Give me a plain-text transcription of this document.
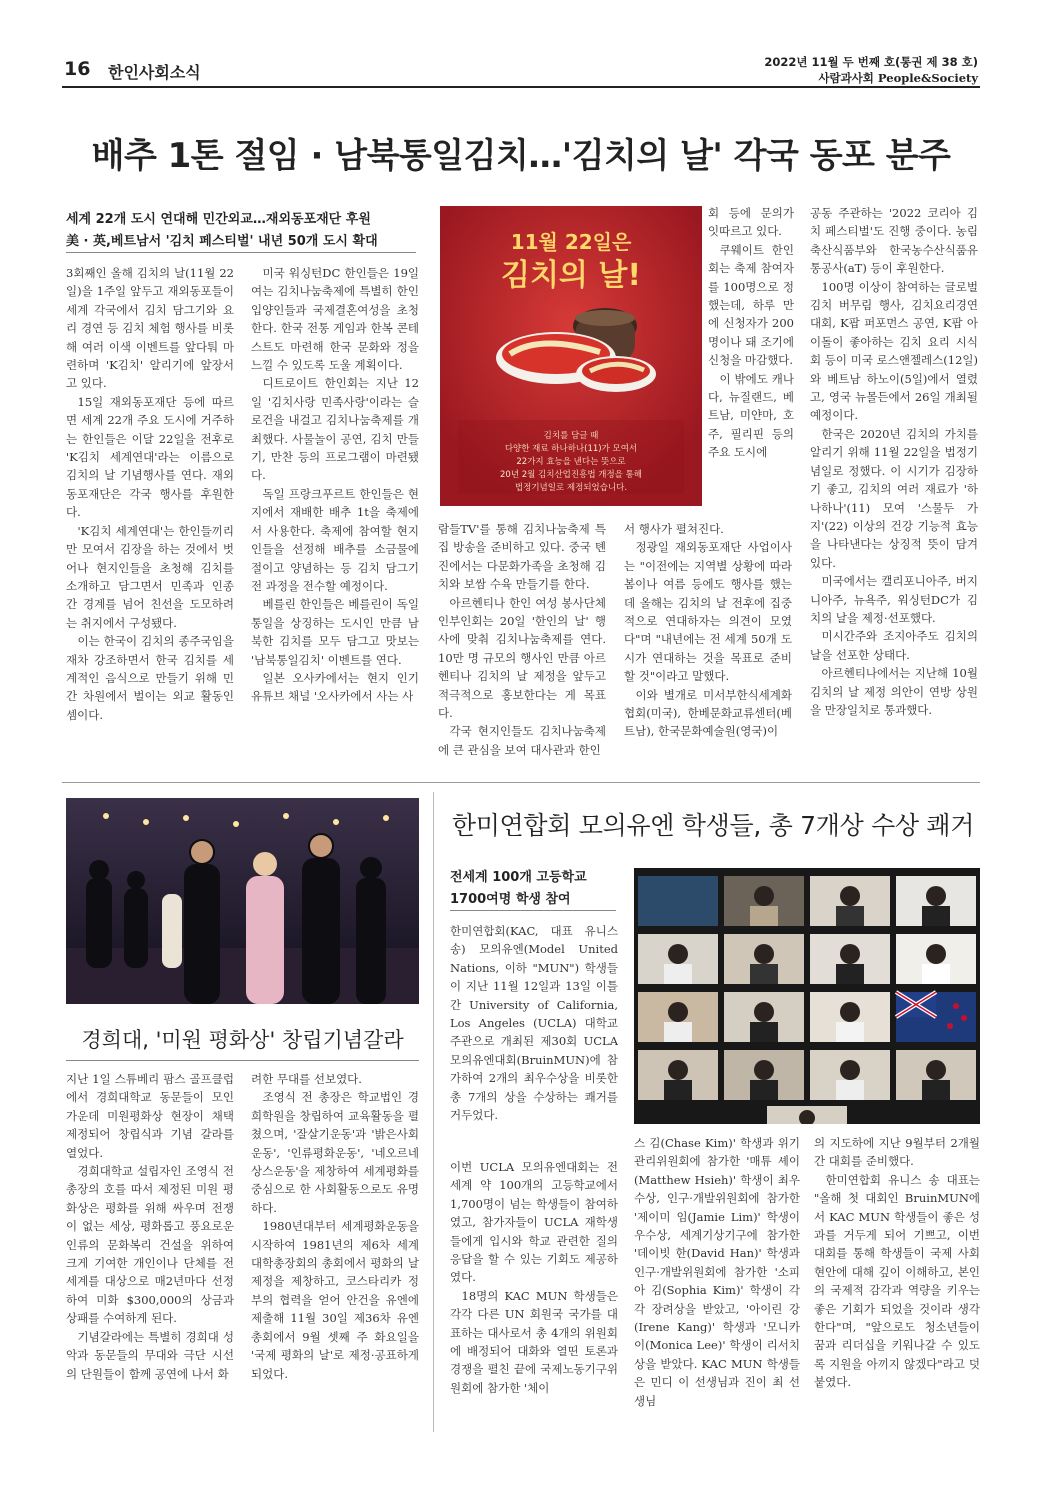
16 한인사회소식
2022년 11월 두 번째 호(통권 제 38 호)
사람과사회 People&Society
배추 1톤 절임 · 남북통일김치…'김치의 날' 각국 동포 분주
세계 22개 도시 연대해 민간외교…재외동포재단 후원
美 · 英,베트남서 '김치 페스티벌' 내년 50개 도시 확대

3회째인 올해 김치의 날(11월 22일)을 1주일 앞두고 재외동포들이 세계 각국에서 김치 담그기와 요리 경연 등 김치 체험 행사를 비롯해 여러 이색 이벤트를 앞다퉈 마련하며 'K김치' 알리기에 앞장서고 있다.

15일 재외동포재단 등에 따르면 세계 22개 주요 도시에 거주하는 한인들은 이달 22일을 전후로 'K김치 세계연대'라는 이름으로 김치의 날 기념행사를 연다. 재외동포재단은 각국 행사를 후원한다.

'K김치 세계연대'는 한인들끼리만 모여서 김장을 하는 것에서 벗어나 현지인들을 초청해 김치를 소개하고 담그면서 민족과 인종 간 경계를 넘어 친선을 도모하려는 취지에서 구성됐다.

이는 한국이 김치의 종주국임을 재차 강조하면서 한국 김치를 세계적인 음식으로 만들기 위해 민간 차원에서 벌이는 외교 활동인 셈이다.

미국 워싱턴DC 한인들은 19일 여는 김치나눔축제에 특별히 한인 입양인들과 국제결혼여성을 초청한다. 한국 전통 게임과 한복 콘테스트도 마련해 한국 문화와 정을 느낄 수 있도록 도울 계획이다.

디트로이트 한인회는 지난 12일 '김치사랑 민족사랑'이라는 슬로건을 내걸고 김치나눔축제를 개최했다. 사물놀이 공연, 김치 만들기, 만찬 등의 프로그램이 마련됐다.

독일 프랑크푸르트 한인들은 현지에서 재배한 배추 1t을 축제에서 사용한다. 축제에 참여할 현지인들을 선정해 배추를 소금물에 절이고 양념하는 등 김치 담그기 전 과정을 전수할 예정이다.

베를린 한인들은 베를린이 독일 통일을 상징하는 도시인 만큼 남북한 김치를 모두 담그고 맛보는 '남북통일김치' 이벤트를 연다.

일본 오사카에서는 현지 인기 유튜브 채널 '오사카에서 사는 사

11월 22일은
김치의 날!
김치를 담글 때
다양한 재료 하나하나(11)가 모여서
22가지 효능을 낸다는 뜻으로
20년 2월 김치산업진흥법 개정을 통해
법정기념일로 제정되었습니다.

회 등에 문의가 잇따르고 있다.

쿠웨이트 한인회는 축제 참여자를 100명으로 정했는데, 하루 만에 신청자가 200명이나 돼 조기에 신청을 마감했다.

이 밖에도 캐나다, 뉴질랜드, 베트남, 미얀마, 호주, 필리핀 등의 주요 도시에

람들TV'를 통해 김치나눔축제 특집 방송을 준비하고 있다. 중국 톈진에서는 다문화가족을 초청해 김치와 보쌈 수육 만들기를 한다.

아르헨티나 한인 여성 봉사단체 인부인회는 20일 '한인의 날' 행사에 맞춰 김치나눔축제를 연다. 10만 명 규모의 행사인 만큼 아르헨티나 김치의 날 제정을 앞두고 적극적으로 홍보한다는 게 목표다.

각국 현지인들도 김치나눔축제에 큰 관심을 보여 대사관과 한인

서 행사가 펼쳐진다.

정광일 재외동포재단 사업이사는 "이전에는 지역별 상황에 따라 봄이나 여름 등에도 행사를 했는데 올해는 김치의 날 전후에 집중적으로 연대하자는 의견이 모였다"며 "내년에는 전 세계 50개 도시가 연대하는 것을 목표로 준비할 것"이라고 말했다.

이와 별개로 미서부한식세계화협회(미국), 한베문화교류센터(베트남), 한국문화예술원(영국)이

공동 주관하는 '2022 코리아 김치 페스티벌'도 진행 중이다. 농림축산식품부와 한국농수산식품유통공사(aT) 등이 후원한다.

100명 이상이 참여하는 글로벌 김치 버무림 행사, 김치요리경연대회, K팝 퍼포먼스 공연, K팝 아이돌이 좋아하는 김치 요리 시식회 등이 미국 로스앤젤레스(12일)와 베트남 하노이(5일)에서 열렸고, 영국 뉴몰든에서 26일 개최될 예정이다.

한국은 2020년 김치의 가치를 알리기 위해 11월 22일을 법정기념일로 정했다. 이 시기가 김장하기 좋고, 김치의 여러 재료가 '하나하나'(11) 모여 '스물두 가지'(22) 이상의 건강 기능적 효능을 나타낸다는 상징적 뜻이 담겨있다.

미국에서는 캘리포니아주, 버지니아주, 뉴욕주, 워싱턴DC가 김치의 날을 제정·선포했다.

미시간주와 조지아주도 김치의 날을 선포한 상태다.

아르헨티나에서는 지난해 10월 김치의 날 제정 의안이 연방 상원을 만장일치로 통과했다.

경희대, '미원 평화상' 창립기념갈라

지난 1일 스튜베리 팜스 골프클럽에서 경희대학교 동문들이 모인 가운데 미원평화상 현장이 채택 제정되어 창립식과 기념 갈라를 열었다.

경희대학교 설립자인 조영식 전 총장의 호를 따서 제정된 미원 평화상은 평화를 위해 싸우며 전쟁이 없는 세상, 평화롭고 풍요로운 인류의 문화복리 건설을 위하여 크게 기여한 개인이나 단체를 전 세계를 대상으로 매2년마다 선정하여 미화 $300,000의 상금과 상패를 수여하게 된다.

기념갈라에는 특별히 경희대 성악과 동문들의 무대와 극단 시선의 단원들이 함께 공연에 나서 화

려한 무대를 선보였다.

조영식 전 총장은 학교법인 경희학원을 창립하여 교육활동을 펼쳤으며, '잘살기운동'과 '밝은사회운동', '인류평화운동', '네오르네상스운동'을 제창하여 세계평화를 중심으로 한 사회활동으로도 유명하다.

1980년대부터 세계평화운동을 시작하여 1981년의 제6차 세계대학총장회의 총회에서 평화의 날 제정을 제창하고, 코스타리카 정부의 협력을 얻어 안건을 유엔에 제출해 11월 30일 제36차 유엔 총회에서 9월 셋째 주 화요일을 '국제 평화의 날'로 제정·공표하게 되었다.

한미연합회 모의유엔 학생들, 총 7개상 수상 쾌거
전세계 100개 고등학교
1700여명 학생 참여

한미연합회(KAC, 대표 유니스 송) 모의유엔(Model United Nations, 이하 "MUN") 학생들이 지난 11월 12일과 13일 이틀간 University of California, Los Angeles (UCLA) 대학교 주관으로 개최된 제30회 UCLA 모의유엔대회(BruinMUN)에 참가하여 2개의 최우수상을 비롯한 총 7개의 상을 수상하는 쾌거를 거두었다.

이번 UCLA 모의유엔대회는 전 세계 약 100개의 고등학교에서 1,700명이 넘는 학생들이 참여하였고, 참가자들이 UCLA 재학생들에게 입시와 학교 관련한 질의 응답을 할 수 있는 기회도 제공하였다.

18명의 KAC MUN 학생들은 각각 다른 UN 회원국 국가를 대표하는 대사로서 총 4개의 위원회에 배정되어 대화와 열띤 토론과 경쟁을 펼친 끝에 국제노동기구위원회에 참가한 '체이

스 김(Chase Kim)' 학생과 위기관리위원회에 참가한 '매튜 셰이(Matthew Hsieh)' 학생이 최우수상, 인구·개발위원회에 참가한 '제이미 임(Jamie Lim)' 학생이 우수상, 세계기상기구에 참가한 '데이빗 한(David Han)' 학생과 인구·개발위원회에 참가한 '소피아 김(Sophia Kim)' 학생이 각각 장려상을 받았고, '아이린 강(Irene Kang)' 학생과 '모니카 이(Monica Lee)' 학생이 리서치 상을 받았다. KAC MUN 학생들은 민디 이 선생님과 진이 최 선생님

의 지도하에 지난 9월부터 2개월간 대회를 준비했다.

한미연합회 유니스 송 대표는 "올해 첫 대회인 BruinMUN에서 KAC MUN 학생들이 좋은 성과를 거두게 되어 기쁘고, 이번 대회를 통해 학생들이 국제 사회 현안에 대해 깊이 이해하고, 본인의 국제적 감각과 역량을 키우는 좋은 기회가 되었을 것이라 생각한다"며, "앞으로도 청소년들이 꿈과 리더십을 키워나갈 수 있도록 지원을 아끼지 않겠다"라고 덧붙였다.
